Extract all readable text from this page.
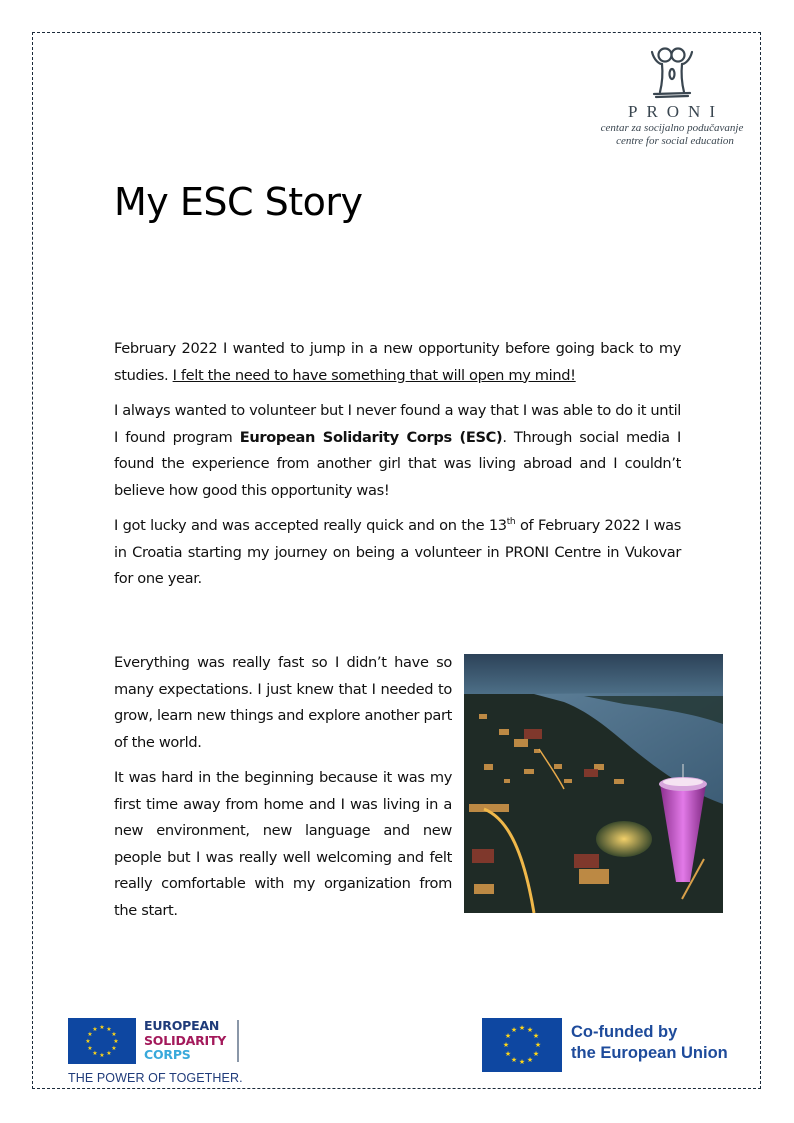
PRONI
centar za socijalno podučavanje
centre for social education
My ESC Story

February 2022 I wanted to jump in a new opportunity before going back to my studies. I felt the need to have something that will open my mind!

I always wanted to volunteer but I never found a way that I was able to do it until I found program European Solidarity Corps (ESC). Through social media I found the experience from another girl that was living abroad and I couldn’t believe how good this opportunity was!

I got lucky and was accepted really quick and on the 13th of February 2022 I was in Croatia starting my journey on being a volunteer in PRONI Centre in Vukovar for one year.

Everything was really fast so I didn’t have so many expectations. I just knew that I needed to grow, learn new things and explore another part of the world.

It was hard in the beginning because it was my first time away from home and I was living in a new environment, new language and new people but I was really well welcoming and felt really comfortable with my organization from the start.

★ ★
★
★
★
★
★
★
★
★
★
★	EUROPEAN
SOLIDARITY
CORPS
THE POWER OF TOGETHER.
★ ★
★
★
★
★
★
★
★
★
★
★	Co-funded by
the European Union
